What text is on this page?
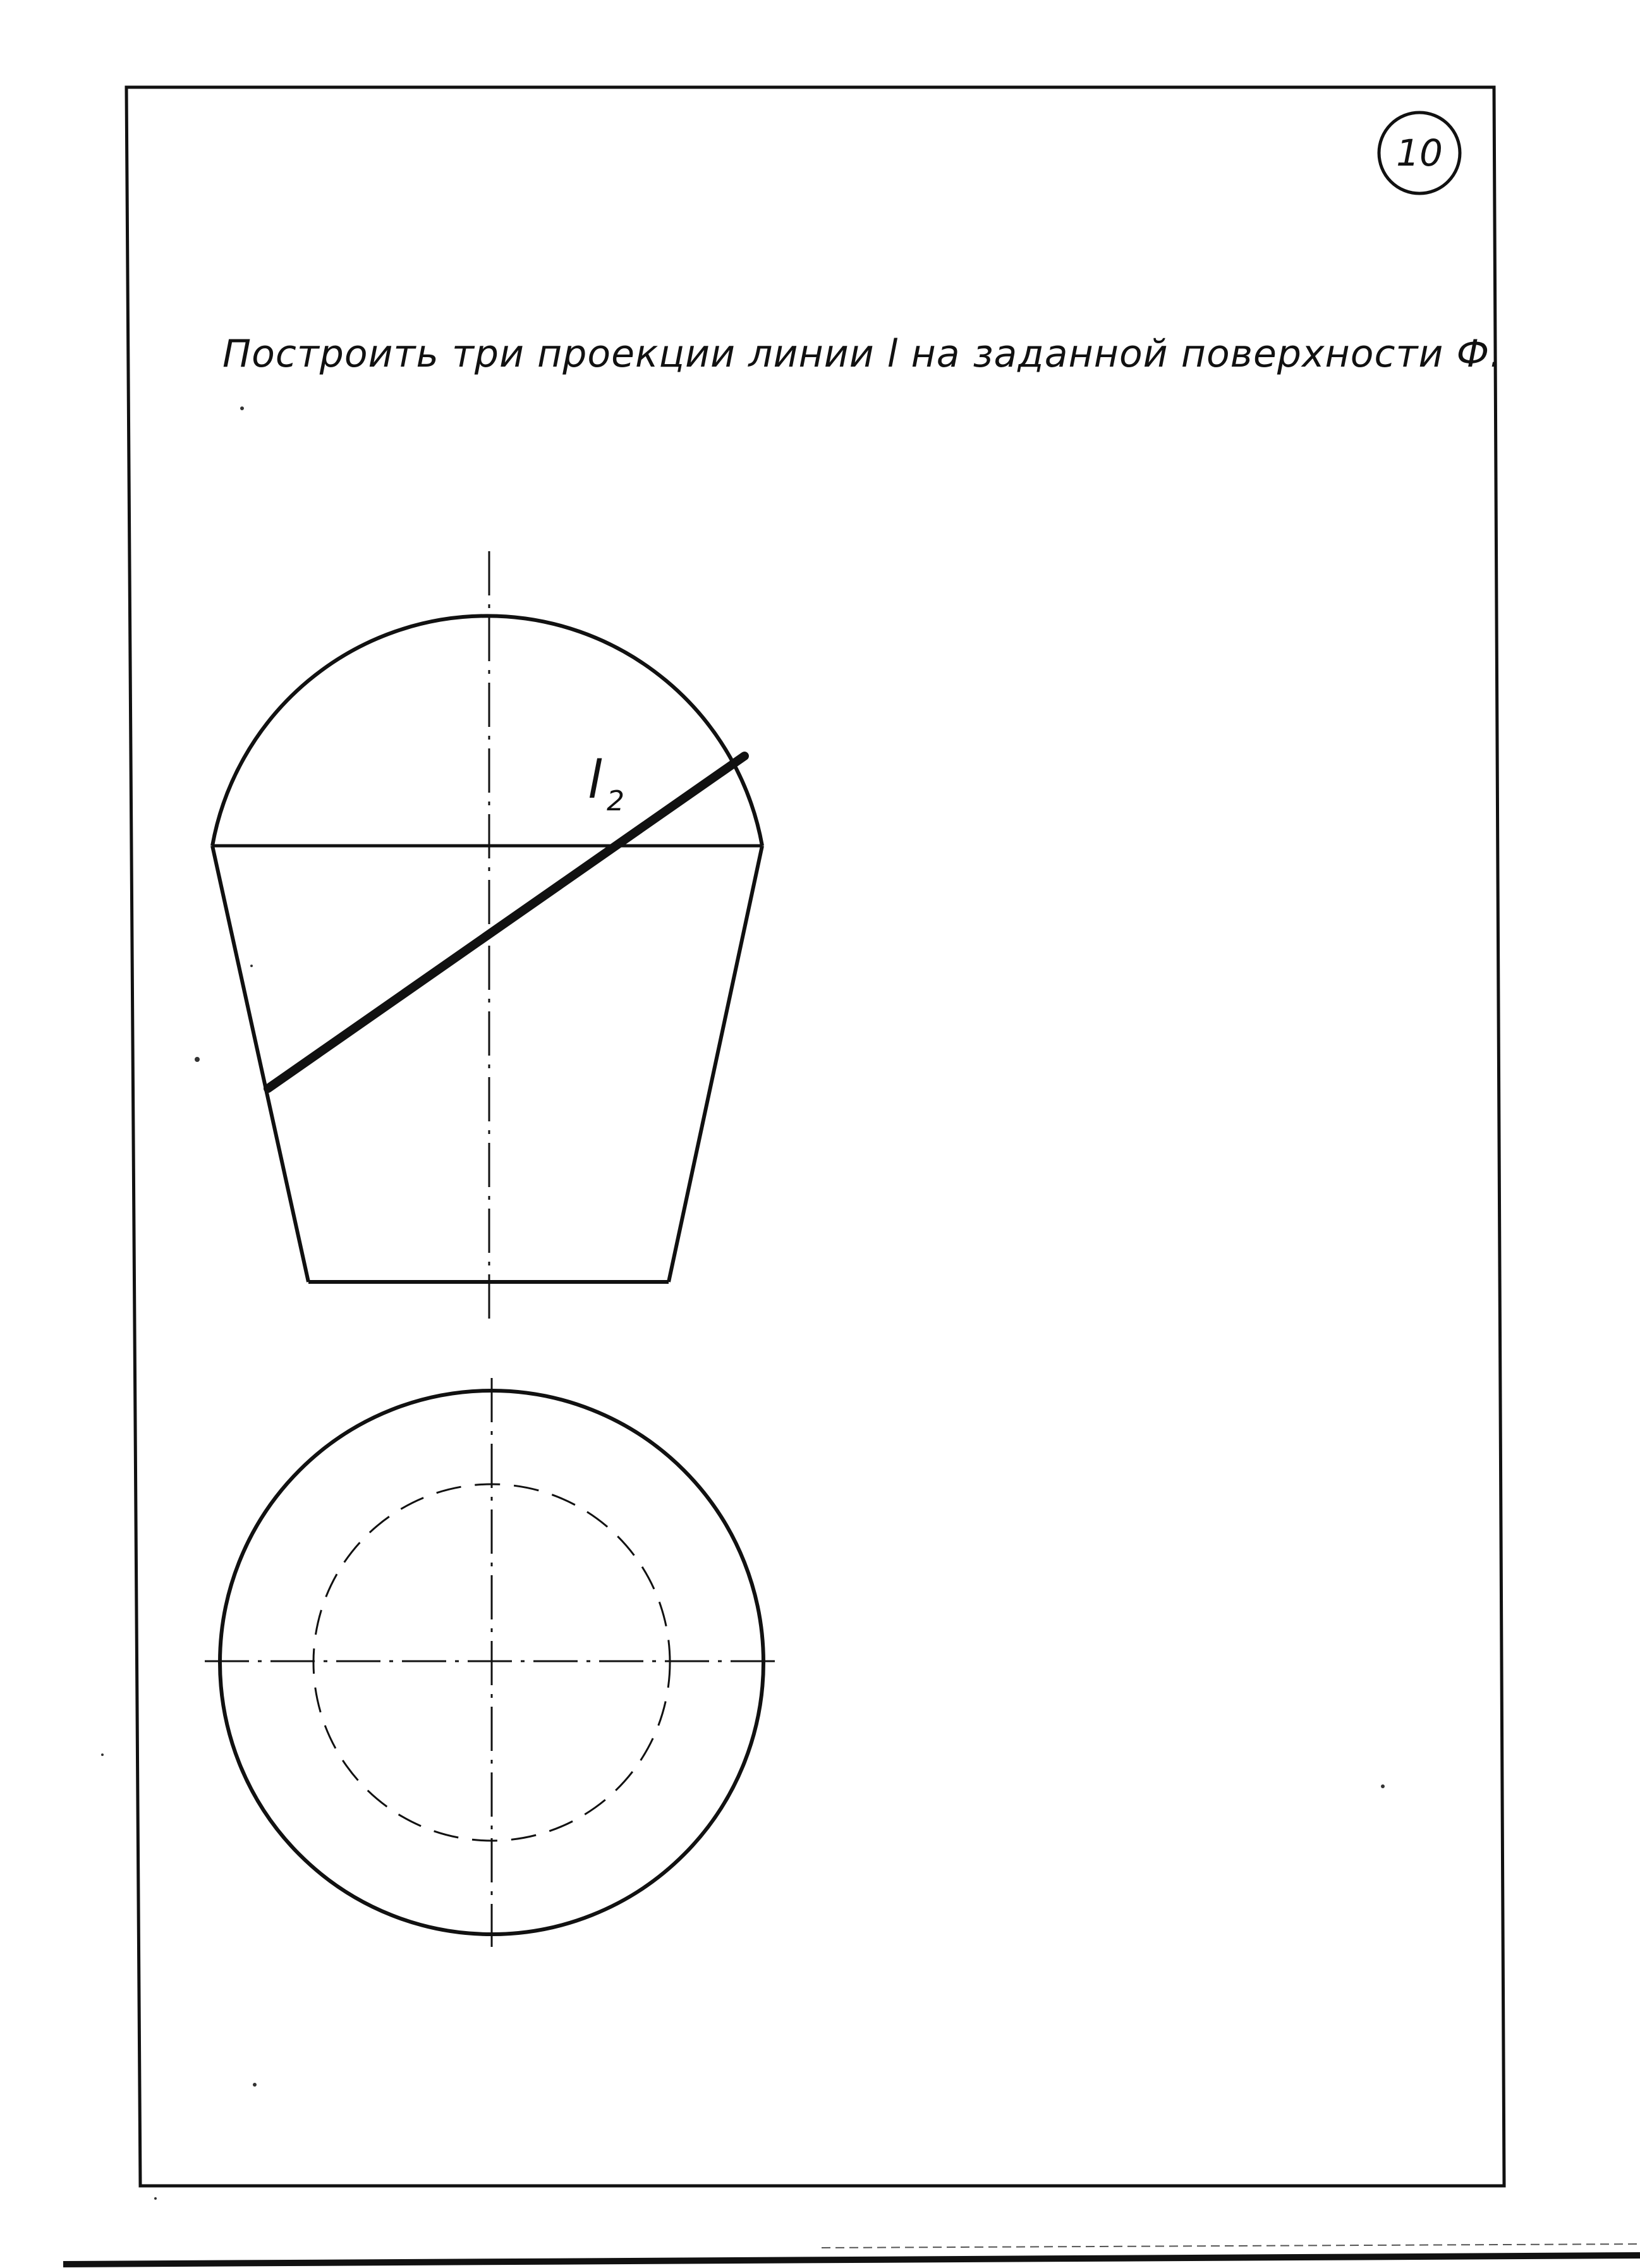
10
Построить три проекции линии l на заданной поверхности Ф.
l 2
